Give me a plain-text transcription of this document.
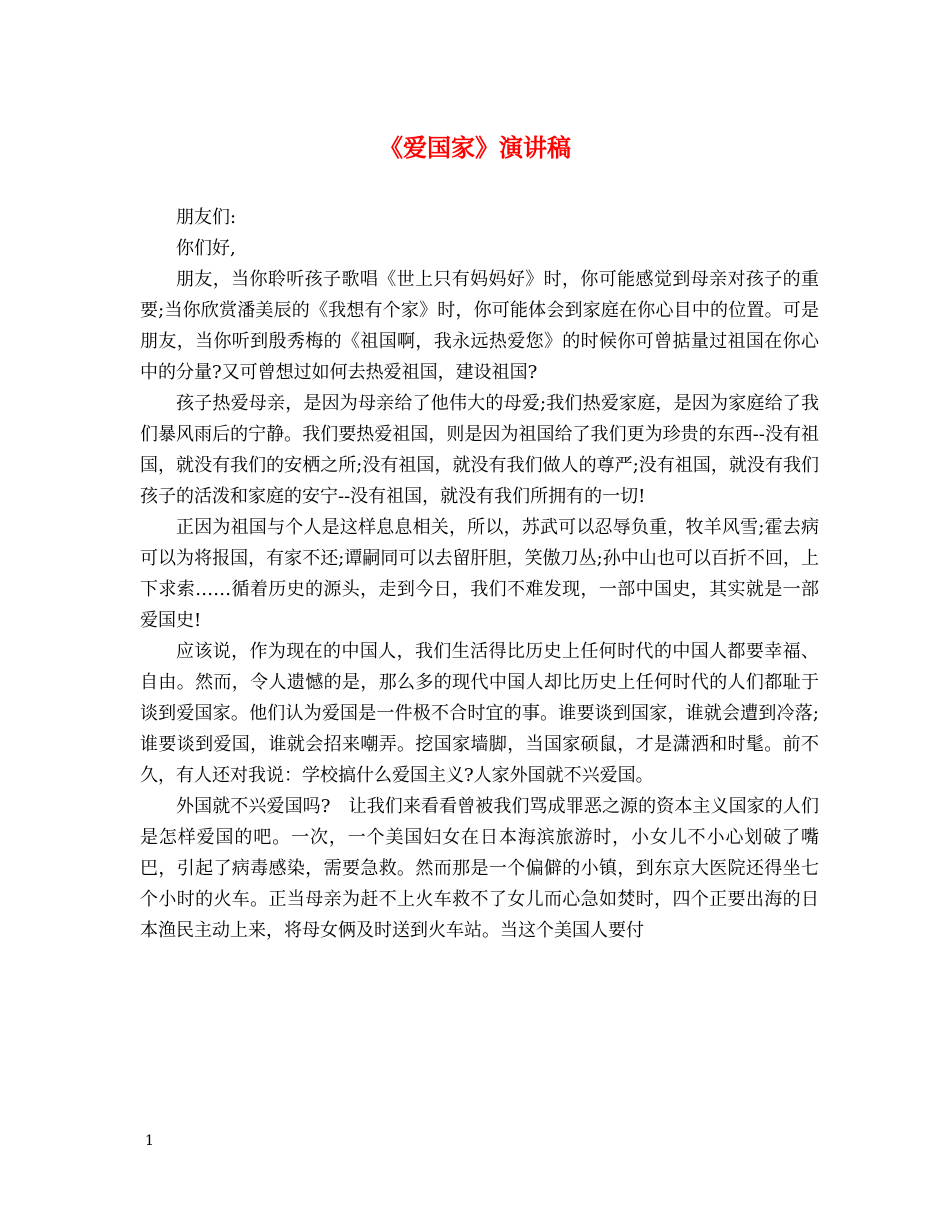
《爱国家》演讲稿

朋友们:

你们好,

朋友，当你聆听孩子歌唱《世上只有妈妈好》时，你可能感觉到母亲对孩子的重要;当你欣赏潘美辰的《我想有个家》时，你可能体会到家庭在你心目中的位置。可是朋友，当你听到殷秀梅的《祖国啊，我永远热爱您》的时候你可曾掂量过祖国在你心中的分量?又可曾想过如何去热爱祖国，建设祖国?

孩子热爱母亲，是因为母亲给了他伟大的母爱;我们热爱家庭，是因为家庭给了我们暴风雨后的宁静。我们要热爱祖国，则是因为祖国给了我们更为珍贵的东西--没有祖国，就没有我们的安栖之所;没有祖国，就没有我们做人的尊严;没有祖国，就没有我们孩子的活泼和家庭的安宁--没有祖国，就没有我们所拥有的一切!

正因为祖国与个人是这样息息相关，所以，苏武可以忍辱负重，牧羊风雪;霍去病可以为将报国，有家不还;谭嗣同可以去留肝胆，笑傲刀丛;孙中山也可以百折不回，上下求索……循着历史的源头，走到今日，我们不难发现，一部中国史，其实就是一部爱国史!

应该说，作为现在的中国人，我们生活得比历史上任何时代的中国人都要幸福、自由。然而，令人遗憾的是，那么多的现代中国人却比历史上任何时代的人们都耻于谈到爱国家。他们认为爱国是一件极不合时宜的事。谁要谈到国家，谁就会遭到冷落;谁要谈到爱国，谁就会招来嘲弄。挖国家墙脚，当国家硕鼠，才是潇洒和时髦。前不久，有人还对我说：学校搞什么爱国主义?人家外国就不兴爱国。

外国就不兴爱国吗?　让我们来看看曾被我们骂成罪恶之源的资本主义国家的人们是怎样爱国的吧。一次，一个美国妇女在日本海滨旅游时，小女儿不小心划破了嘴巴，引起了病毒感染，需要急救。然而那是一个偏僻的小镇，到东京大医院还得坐七个小时的火车。正当母亲为赶不上火车救不了女儿而心急如焚时，四个正要出海的日本渔民主动上来，将母女俩及时送到火车站。当这个美国人要付

1
